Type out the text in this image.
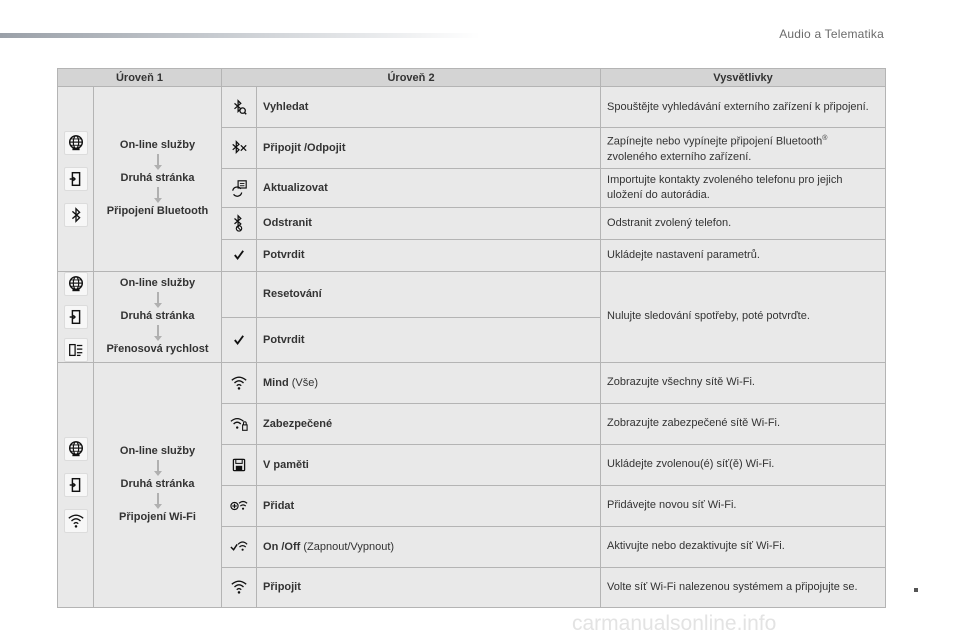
Audio a Telematika
Úroveň 1		Úroveň 2		Vysvětlivky

On-line služby
Druhá stránka
Připojení Bluetooth		Vyhledat	Spouštějte vyhledávání externího zařízení k připojení.

	Připojit /Odpojit	Zapínejte nebo vypínejte připojení Bluetooth® zvoleného externího zařízení.

	Aktualizovat	Importujte kontakty zvoleného telefonu pro jejich uložení do autorádia.

	Odstranit	Odstranit zvolený telefon.

	Potvrdit	Ukládejte nastavení parametrů.

On-line služby
Druhá stránka
Přenosová rychlost		Resetování	Nulujte sledování spotřeby, poté potvrďte.

	Potvrdit	

On-line služby
Druhá stránka
Připojení Wi-Fi		Mind (Vše)	Zobrazujte všechny sítě Wi-Fi.

	Zabezpečené	Zobrazujte zabezpečené sítě Wi-Fi.

	V paměti	Ukládejte zvolenou(é) síť(ě) Wi-Fi.

	Přidat	Přidávejte novou síť Wi-Fi.

	On /Off (Zapnout/Vypnout)	Aktivujte nebo dezaktivujte síť Wi-Fi.

	Připojit	Volte síť Wi-Fi nalezenou systémem a připojujte se.
carmanualsonline.info
